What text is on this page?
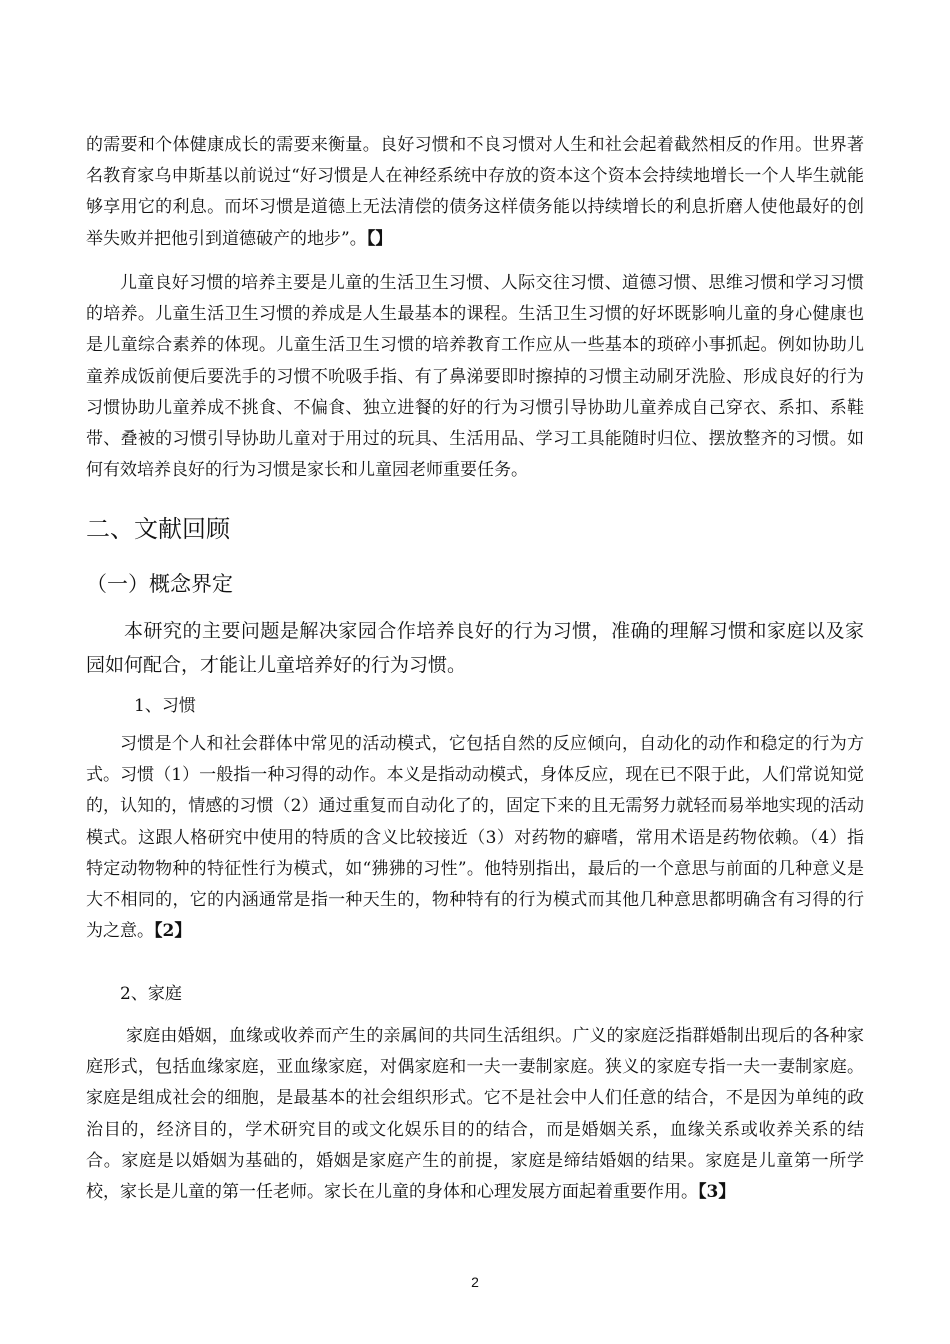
的需要和个体健康成长的需要来衡量。良好习惯和不良习惯对人生和社会起着截然相反的作用。世界著名教育家乌申斯基以前说过“好习惯是人在神经系统中存放的资本这个资本会持续地增长一个人毕生就能够享用它的利息。而坏习惯是道德上无法清偿的债务这样债务能以持续增长的利息折磨人使他最好的创举失败并把他引到道德破产的地步”。【】

儿童良好习惯的培养主要是儿童的生活卫生习惯、人际交往习惯、道德习惯、思维习惯和学习习惯的培养。儿童生活卫生习惯的养成是人生最基本的课程。生活卫生习惯的好坏既影响儿童的身心健康也是儿童综合素养的体现。儿童生活卫生习惯的培养教育工作应从一些基本的琐碎小事抓起。例如协助儿童养成饭前便后要洗手的习惯不吮吸手指、有了鼻涕要即时擦掉的习惯主动刷牙洗脸、形成良好的行为习惯协助儿童养成不挑食、不偏食、独立进餐的好的行为习惯引导协助儿童养成自己穿衣、系扣、系鞋带、叠被的习惯引导协助儿童对于用过的玩具、生活用品、学习工具能随时归位、摆放整齐的习惯。如何有效培养良好的行为习惯是家长和儿童园老师重要任务。

二、文献回顾
（一）概念界定

本研究的主要问题是解决家园合作培养良好的行为习惯，准确的理解习惯和家庭以及家园如何配合，才能让儿童培养好的行为习惯。

1、习惯

习惯是个人和社会群体中常见的活动模式，它包括自然的反应倾向，自动化的动作和稳定的行为方式。习惯（1）一般指一种习得的动作。本义是指动动模式，身体反应，现在已不限于此，人们常说知觉的，认知的，情感的习惯（2）通过重复而自动化了的，固定下来的且无需努力就轻而易举地实现的活动模式。这跟人格研究中使用的特质的含义比较接近（3）对药物的癖嗜，常用术语是药物依赖。（4）指特定动物物种的特征性行为模式，如“狒狒的习性”。他特别指出，最后的一个意思与前面的几种意义是大不相同的，它的内涵通常是指一种天生的，物种特有的行为模式而其他几种意思都明确含有习得的行为之意。【2】

2、家庭

家庭由婚姻，血缘或收养而产生的亲属间的共同生活组织。广义的家庭泛指群婚制出现后的各种家庭形式，包括血缘家庭，亚血缘家庭，对偶家庭和一夫一妻制家庭。狭义的家庭专指一夫一妻制家庭。家庭是组成社会的细胞，是最基本的社会组织形式。它不是社会中人们任意的结合，不是因为单纯的政治目的，经济目的，学术研究目的或文化娱乐目的的结合，而是婚姻关系，血缘关系或收养关系的结合。家庭是以婚姻为基础的，婚姻是家庭产生的前提，家庭是缔结婚姻的结果。家庭是儿童第一所学校，家长是儿童的第一任老师。家长在儿童的身体和心理发展方面起着重要作用。【3】

2
